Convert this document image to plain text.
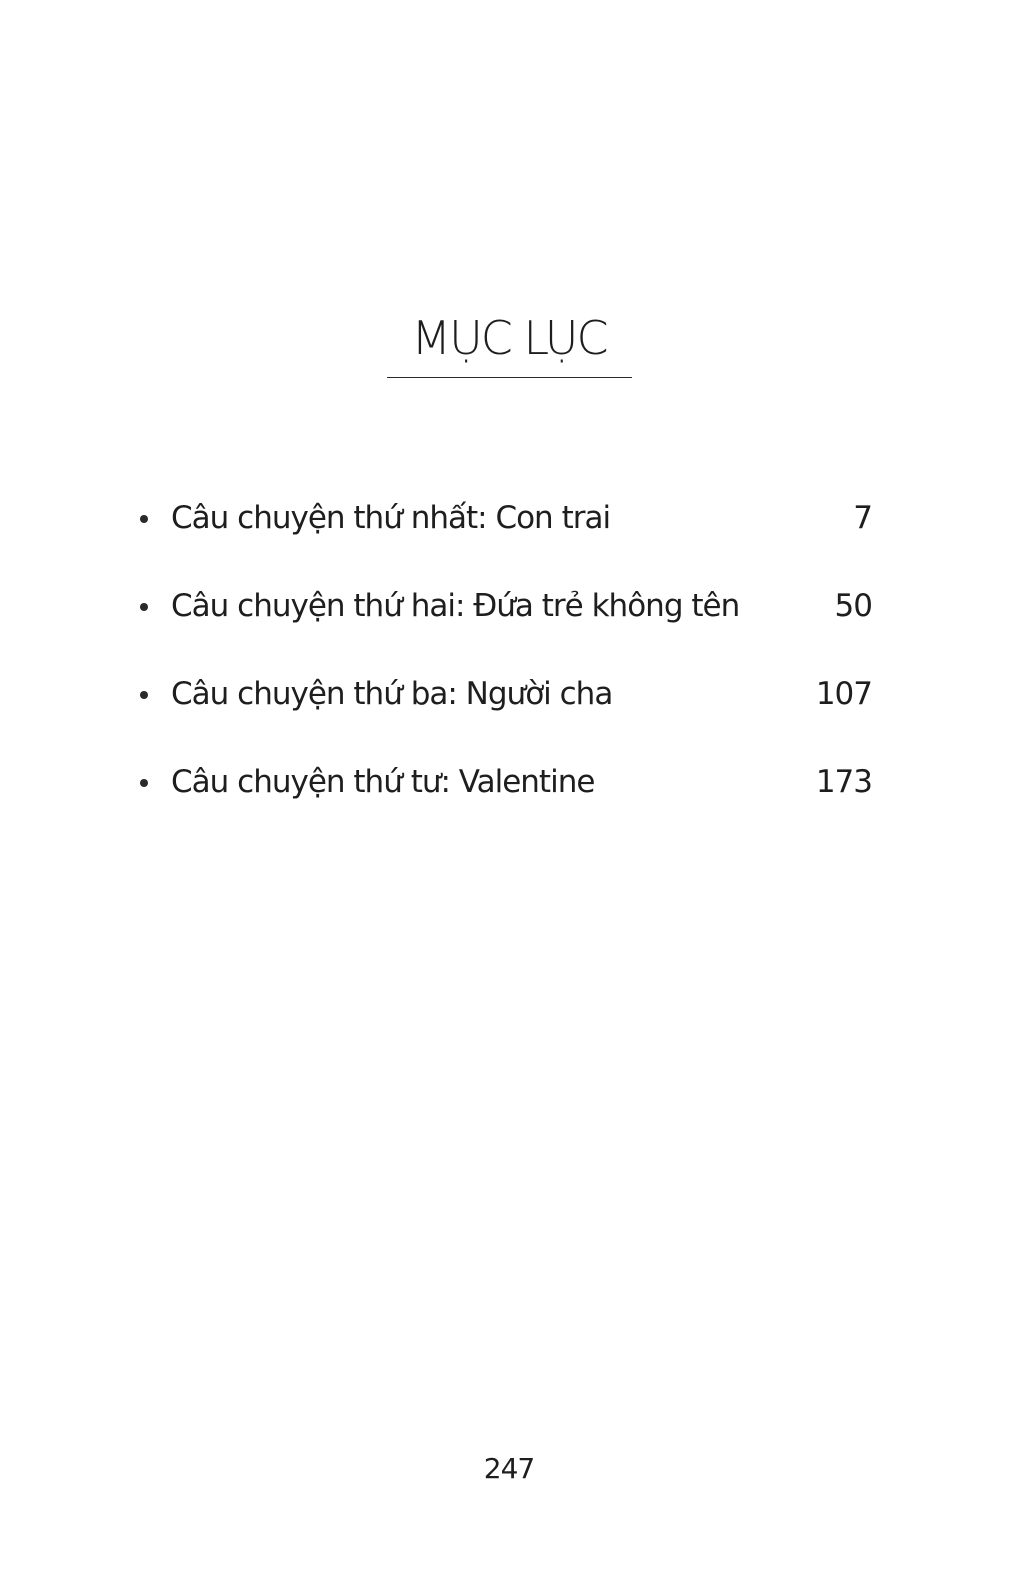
MỤC LỤC
Câu chuyện thứ nhất: Con trai	7
Câu chuyện thứ hai: Đứa trẻ không tên	50
Câu chuyện thứ ba: Người cha	107
Câu chuyện thứ tư: Valentine	173
247
